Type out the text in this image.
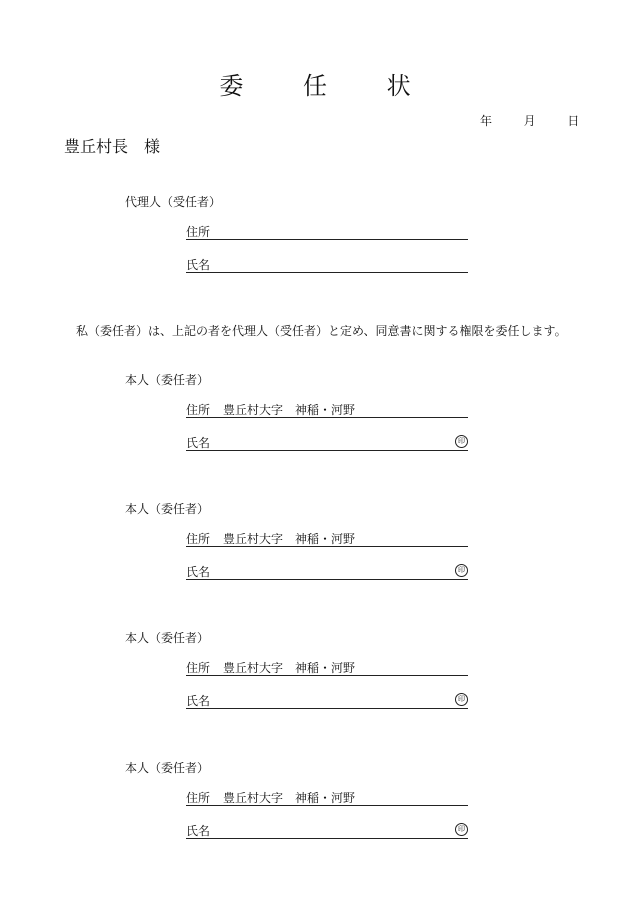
委 任 状
年	月	日
豊丘村長　様
代理人（受任者）
住所
氏名
私（委任者）は、上記の者を代理人（受任者）と定め、同意書に関する権限を委任します。
本人（委任者）
住所 豊丘村大字　神稲・河野
氏名	印
本人（委任者）
住所 豊丘村大字　神稲・河野
氏名	印
本人（委任者）
住所 豊丘村大字　神稲・河野
氏名	印
本人（委任者）
住所 豊丘村大字　神稲・河野
氏名	印
